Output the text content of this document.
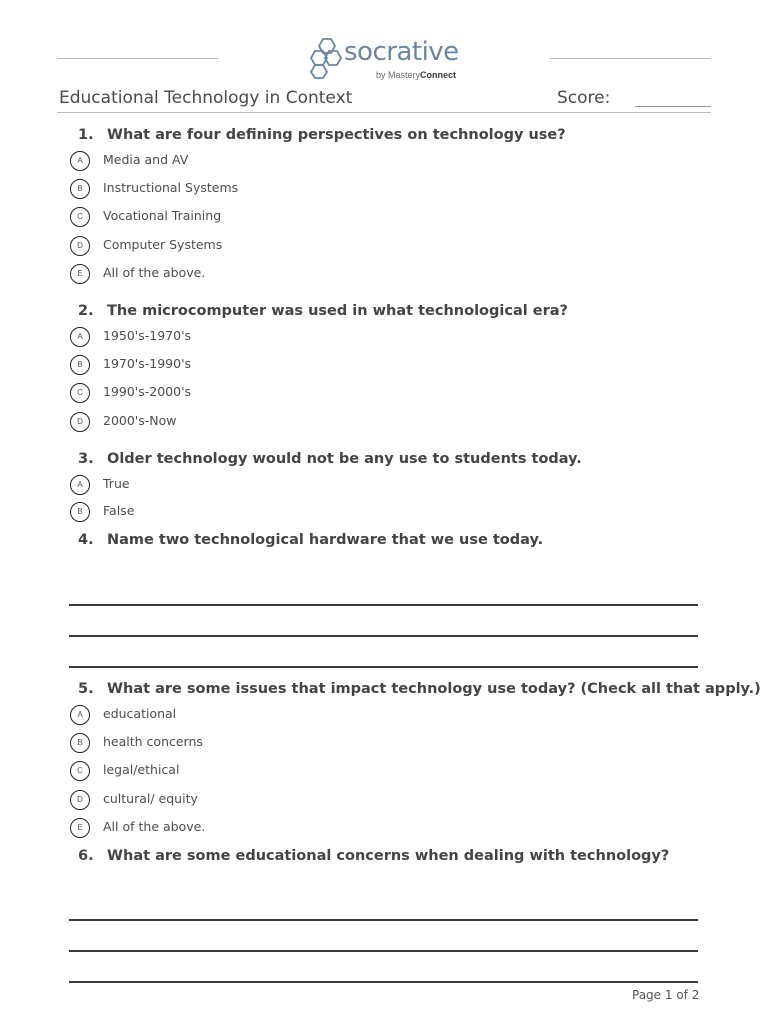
socrative
by MasteryConnect
Educational Technology in Context	Score:
1. What are four defining perspectives on technology use?
A	Media and AV
B	Instructional Systems
C	Vocational Training
D	Computer Systems
E	All of the above.
2. The microcomputer was used in what technological era?
A	1950's-1970's
B	1970's-1990's
C	1990's-2000's
D	2000's-Now
3. Older technology would not be any use to students today.
A	True
B	False
4. Name two technological hardware that we use today.
5. What are some issues that impact technology use today? (Check all that apply.)
A	educational
B	health concerns
C	legal/ethical
D	cultural/ equity
E	All of the above.
6. What are some educational concerns when dealing with technology?
Page 1 of 2
